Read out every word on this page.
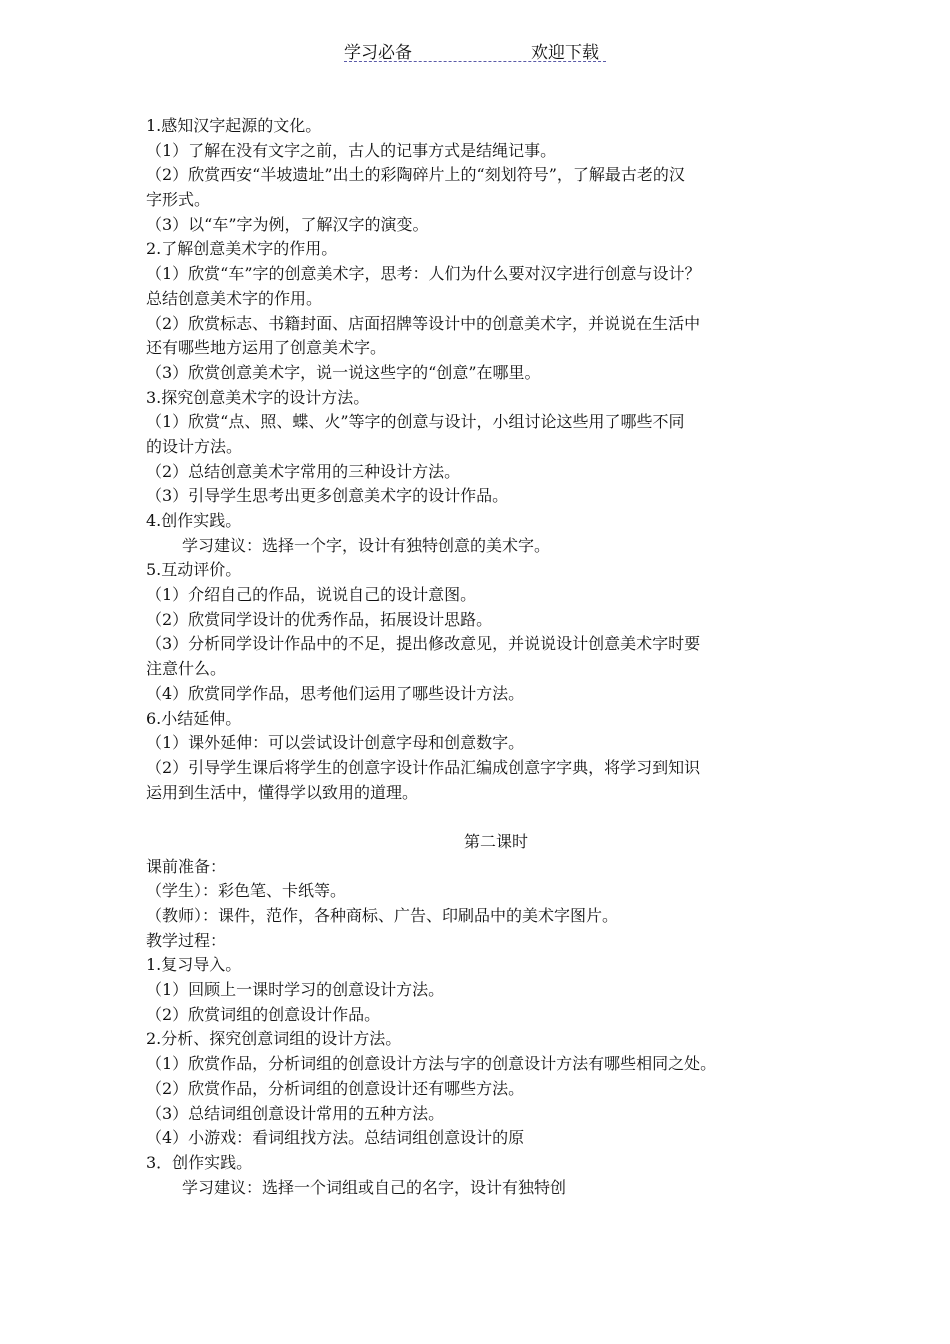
学习必备	欢迎下载
1.感知汉字起源的文化。
（1）了解在没有文字之前，古人的记事方式是结绳记事。
（2）欣赏西安“半坡遗址”出土的彩陶碎片上的“刻划符号”，了解最古老的汉
字形式。
（3）以“车”字为例，了解汉字的演变。
2.了解创意美术字的作用。
（1）欣赏“车”字的创意美术字，思考：人们为什么要对汉字进行创意与设计？
总结创意美术字的作用。
（2）欣赏标志、书籍封面、店面招牌等设计中的创意美术字，并说说在生活中
还有哪些地方运用了创意美术字。
（3）欣赏创意美术字，说一说这些字的“创意”在哪里。
3.探究创意美术字的设计方法。
（1）欣赏“点、照、蝶、火”等字的创意与设计，小组讨论这些用了哪些不同
的设计方法。
（2）总结创意美术字常用的三种设计方法。
（3）引导学生思考出更多创意美术字的设计作品。
4.创作实践。
学习建议：选择一个字，设计有独特创意的美术字。
5.互动评价。
（1）介绍自己的作品，说说自己的设计意图。
（2）欣赏同学设计的优秀作品，拓展设计思路。
（3）分析同学设计作品中的不足，提出修改意见，并说说设计创意美术字时要
注意什么。
（4）欣赏同学作品，思考他们运用了哪些设计方法。
6.小结延伸。
（1）课外延伸：可以尝试设计创意字母和创意数字。
（2）引导学生课后将学生的创意字设计作品汇编成创意字字典，将学习到知识
运用到生活中，懂得学以致用的道理。
第二课时
课前准备：
（学生）：彩色笔、卡纸等。
（教师）：课件，范作，各种商标、广告、印刷品中的美术字图片。
教学过程：
1.复习导入。
（1）回顾上一课时学习的创意设计方法。
（2）欣赏词组的创意设计作品。
2.分析、探究创意词组的设计方法。
（1）欣赏作品，分析词组的创意设计方法与字的创意设计方法有哪些相同之处。
（2）欣赏作品，分析词组的创意设计还有哪些方法。
（3）总结词组创意设计常用的五种方法。
（4）小游戏：看词组找方法。总结词组创意设计的原
3．创作实践。
学习建议：选择一个词组或自己的名字，设计有独特创
